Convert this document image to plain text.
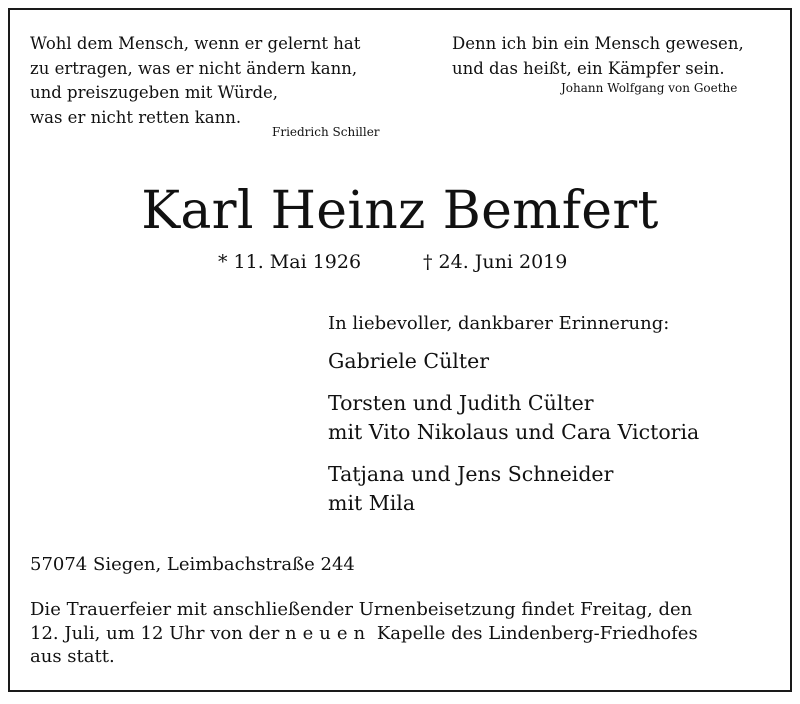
Wohl dem Mensch, wenn er gelernt hat
zu ertragen, was er nicht ändern kann,
und preiszugeben mit Würde,
was er nicht retten kann.
Friedrich Schiller
Denn ich bin ein Mensch gewesen,
und das heißt, ein Kämpfer sein.
Johann Wolfgang von Goethe
Karl Heinz Bemfert
* 11. Mai 1926	† 24. Juni 2019
In liebevoller, dankbarer Erinnerung:
Gabriele Cülter
Torsten und Judith Cülter
mit Vito Nikolaus und Cara Victoria
Tatjana und Jens Schneider
mit Mila
57074 Siegen, Leimbachstraße 244
Die Trauerfeier mit anschließender Urnenbeisetzung findet Freitag, den
12. Juli, um 12 Uhr von der neuen Kapelle des Lindenberg-Friedhofes
aus statt.
